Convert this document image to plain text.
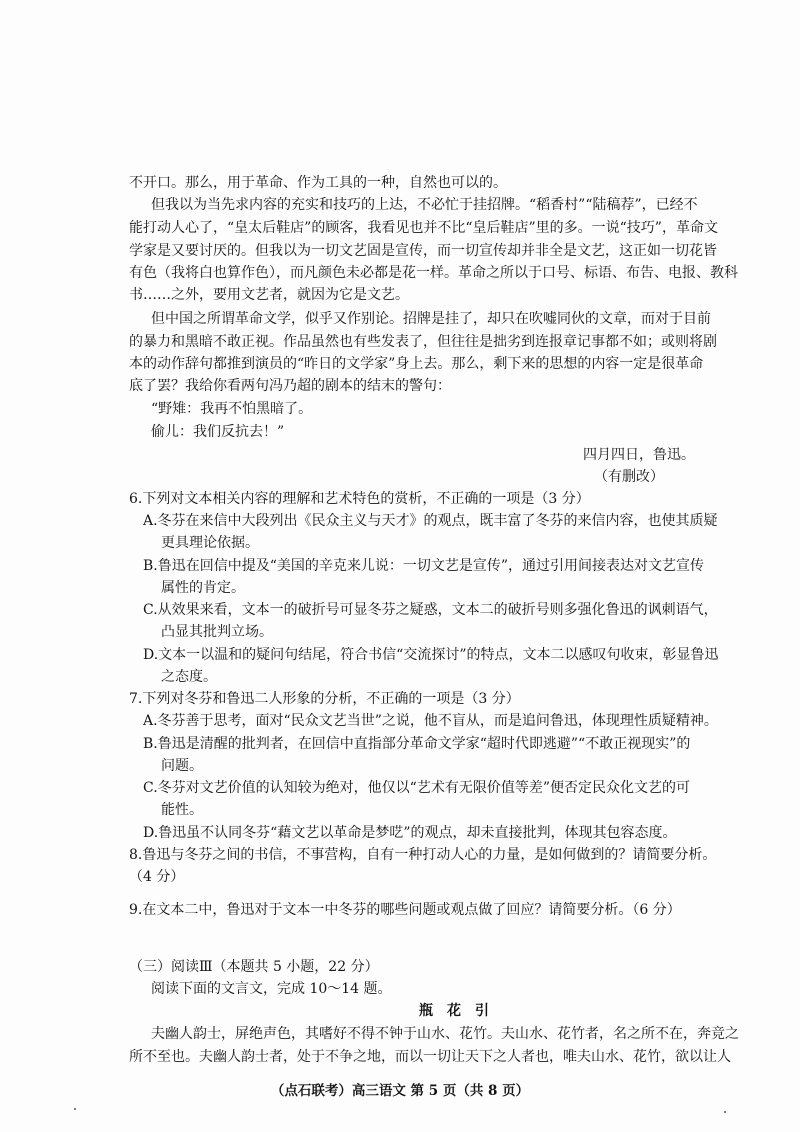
不开口。那么，用于革命、作为工具的一种，自然也可以的。
但我以为当先求内容的充实和技巧的上达，不必忙于挂招牌。“稻香村”“陆稿荐”，已经不
能打动人心了，“皇太后鞋店”的顾客，我看见也并不比“皇后鞋店”里的多。一说“技巧”，革命文
学家是又要讨厌的。但我以为一切文艺固是宣传，而一切宣传却并非全是文艺，这正如一切花皆
有色（我将白也算作色），而凡颜色未必都是花一样。革命之所以于口号、标语、布告、电报、教科
书……之外，要用文艺者，就因为它是文艺。
但中国之所谓革命文学，似乎又作别论。招牌是挂了，却只在吹嘘同伙的文章，而对于目前
的暴力和黑暗不敢正视。作品虽然也有些发表了，但往往是拙劣到连报章记事都不如；或则将剧
本的动作辞句都推到演员的“昨日的文学家”身上去。那么，剩下来的思想的内容一定是很革命
底了罢？我给你看两句冯乃超的剧本的结末的警句：
“野雉：我再不怕黑暗了。
偷儿：我们反抗去！”
四月四日，鲁迅。
（有删改）
6.下列对文本相关内容的理解和艺术特色的赏析，不正确的一项是（3 分）
A.冬芬在来信中大段列出《民众主义与天才》的观点，既丰富了冬芬的来信内容，也使其质疑
更具理论依据。
B.鲁迅在回信中提及“美国的辛克来儿说：一切文艺是宣传”，通过引用间接表达对文艺宣传
属性的肯定。
C.从效果来看，文本一的破折号可显冬芬之疑惑，文本二的破折号则多强化鲁迅的讽刺语气，
凸显其批判立场。
D.文本一以温和的疑问句结尾，符合书信“交流探讨”的特点，文本二以感叹句收束，彰显鲁迅
之态度。
7.下列对冬芬和鲁迅二人形象的分析，不正确的一项是（3 分）
A.冬芬善于思考，面对“民众文艺当世”之说，他不盲从，而是追问鲁迅，体现理性质疑精神。
B.鲁迅是清醒的批判者，在回信中直指部分革命文学家“超时代即逃避”“不敢正视现实”的
问题。
C.冬芬对文艺价值的认知较为绝对，他仅以“艺术有无限价值等差”便否定民众化文艺的可
能性。
D.鲁迅虽不认同冬芬“藉文艺以革命是梦呓”的观点，却未直接批判，体现其包容态度。
8.鲁迅与冬芬之间的书信，不事营构，自有一种打动人心的力量，是如何做到的？请简要分析。
（4 分）
9.在文本二中，鲁迅对于文本一中冬芬的哪些问题或观点做了回应？请简要分析。（6 分）
（三）阅读Ⅲ（本题共 5 小题，22 分）
阅读下面的文言文，完成 10～14 题。
瓶　花　引
夫幽人韵士，屏绝声色，其嗜好不得不钟于山水、花竹。夫山水、花竹者，名之所不在，奔竞之
所不至也。夫幽人韵士者，处于不争之地，而以一切让天下之人者也，唯夫山水、花竹，欲以让人
（点石联考）高三语文 第 5 页（共 8 页）
